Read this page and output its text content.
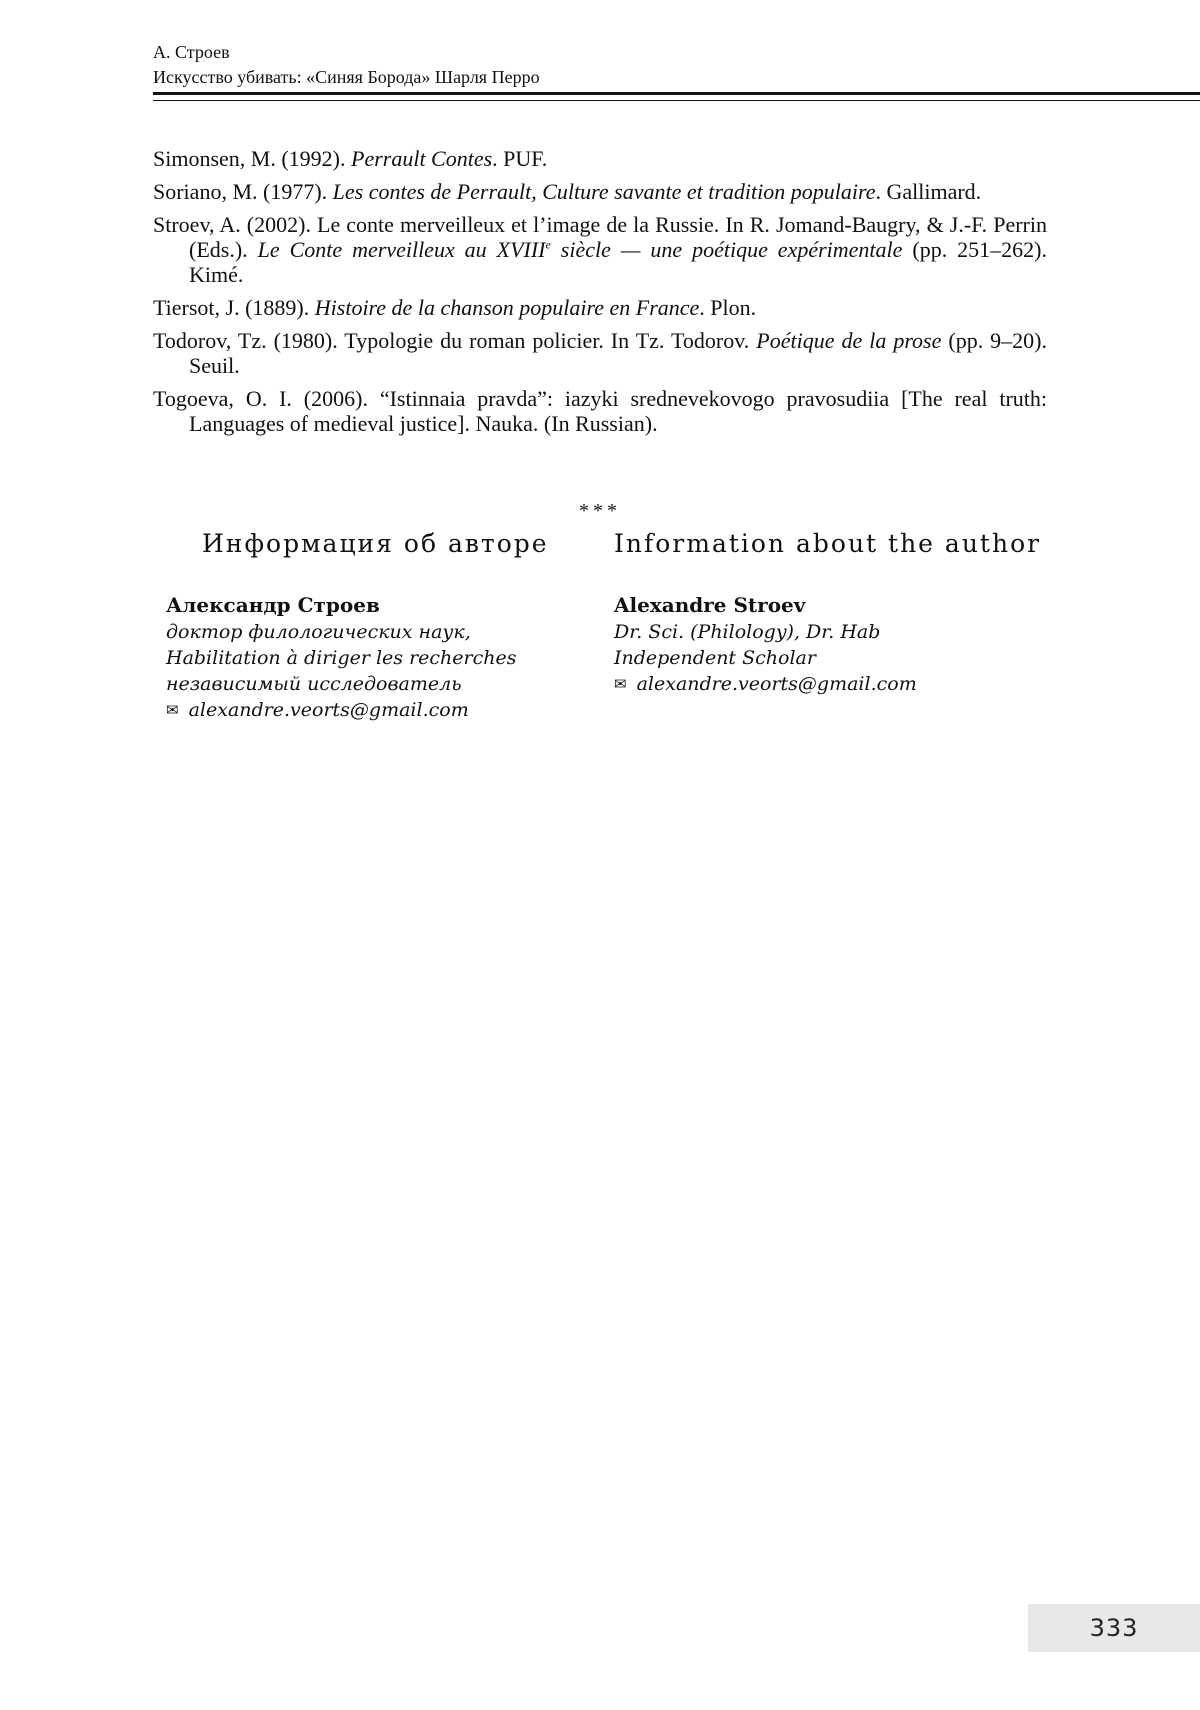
А. Строев
Искусство убивать: «Синяя Борода» Шарля Перро

Simonsen, M. (1992). Perrault Contes. PUF.

Soriano, M. (1977). Les contes de Perrault, Culture savante et tradition populaire. Gallimard.

Stroev, A. (2002). Le conte merveilleux et l’image de la Russie. In R. Jomand-Baugry, & J.-F. Perrin (Eds.). Le Conte merveilleux au XVIIIe siècle — une poétique expérimentale (pp. 251–262). Kimé.

Tiersot, J. (1889). Histoire de la chanson populaire en France. Plon.

Todorov, Tz. (1980). Typologie du roman policier. In Tz. Todorov. Poétique de la prose (pp. 9–20). Seuil.

Togoeva, O. I. (2006). “Istinnaia pravda”: iazyki srednevekovogo pravosudiia [The real truth: Languages of medieval justice]. Nauka. (In Russian).

***
Информация об авторе
Александр Строев
доктор филологических наук,
Habilitation à diriger les recherches
независимый исследователь
✉ alexandre.veorts@gmail.com
Information about the author
Alexandre Stroev
Dr. Sci. (Philology), Dr. Hab
Independent Scholar
✉ alexandre.veorts@gmail.com
333
